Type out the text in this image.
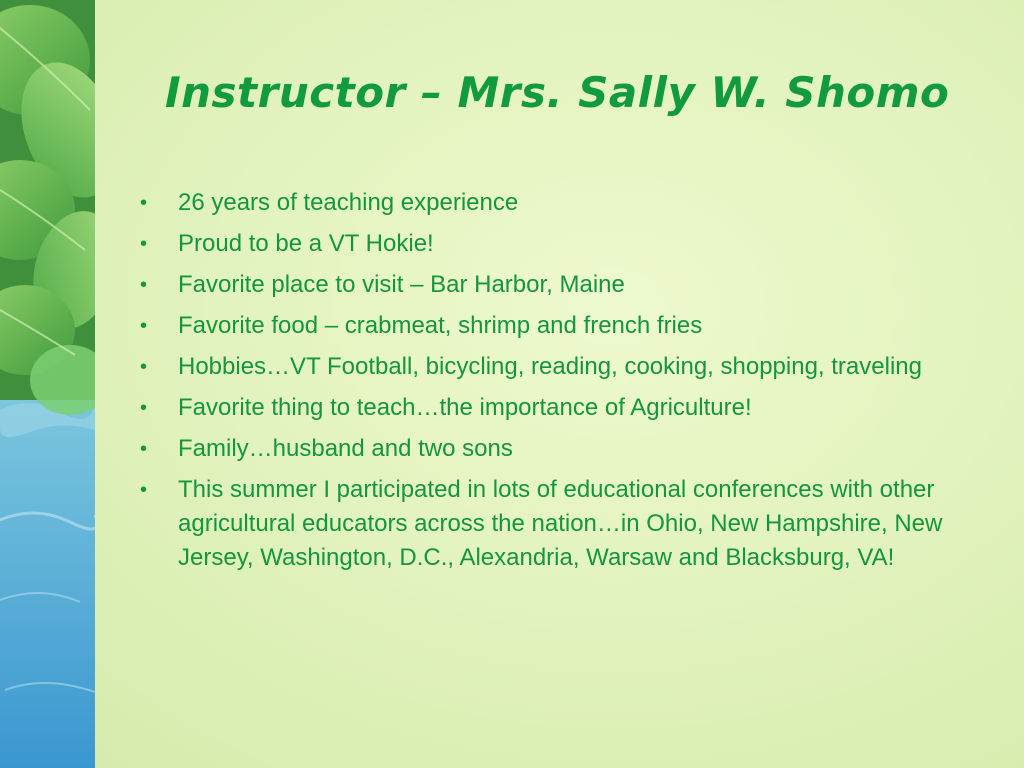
Instructor – Mrs. Sally W. Shomo
• 26 years of teaching experience
• Proud to be a VT Hokie!
• Favorite place to visit – Bar Harbor, Maine
• Favorite food – crabmeat, shrimp and french fries
• Hobbies…VT Football, bicycling, reading, cooking, shopping, traveling
• Favorite thing to teach…the importance of Agriculture!
• Family…husband and two sons
• This summer I participated in lots of educational conferences with other agricultural educators across the nation…in Ohio, New Hampshire, New Jersey, Washington, D.C., Alexandria, Warsaw and Blacksburg, VA!
